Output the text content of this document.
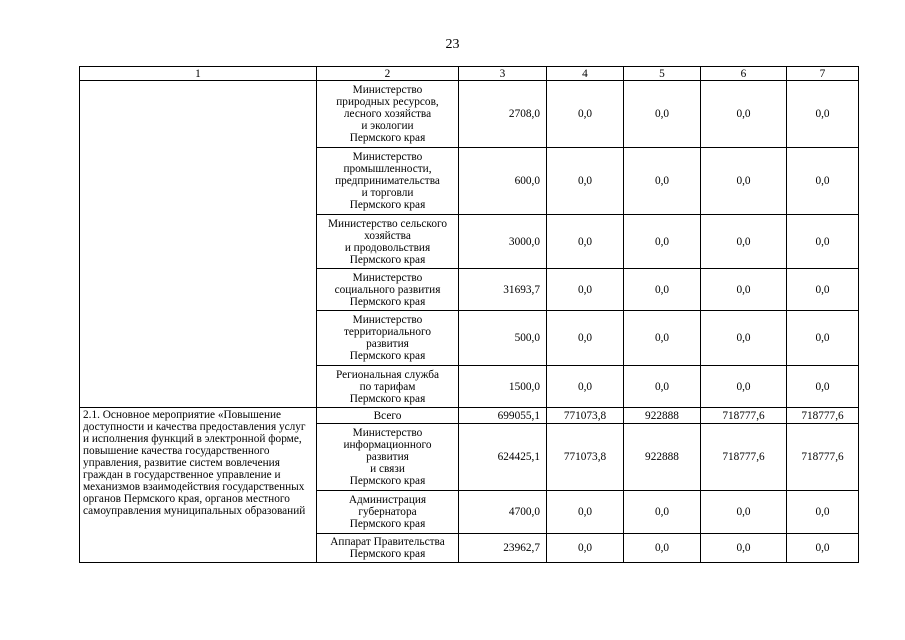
23
1	2	3	4	5	6	7
	Министерство
природных ресурсов,
лесного хозяйства
и экологии
Пермского края	2708,0	0,0	0,0	0,0	0,0
	Министерство
промышленности,
предпринимательства
и торговли
Пермского края	600,0	0,0	0,0	0,0	0,0
	Министерство сельского
хозяйства
и продовольствия
Пермского края	3000,0	0,0	0,0	0,0	0,0
	Министерство
социального развития
Пермского края	31693,7	0,0	0,0	0,0	0,0
	Министерство
территориального
развития
Пермского края	500,0	0,0	0,0	0,0	0,0
	Региональная служба
по тарифам
Пермского края	1500,0	0,0	0,0	0,0	0,0
2.1. Основное мероприятие «Повышение доступности и качества предоставления услуг и исполнения функций в электронной форме, повышение качества государственного управления, развитие систем вовлечения граждан в государственное управление и механизмов взаимодействия государственных органов Пермского края, органов местного самоуправления муниципальных образований	Всего	699055,1	771073,8	922888	718777,6	718777,6
	Министерство
информационного
развития
и связи
Пермского края	624425,1	771073,8	922888	718777,6	718777,6
	Администрация
губернатора
Пермского края	4700,0	0,0	0,0	0,0	0,0
	Аппарат Правительства
Пермского края	23962,7	0,0	0,0	0,0	0,0
